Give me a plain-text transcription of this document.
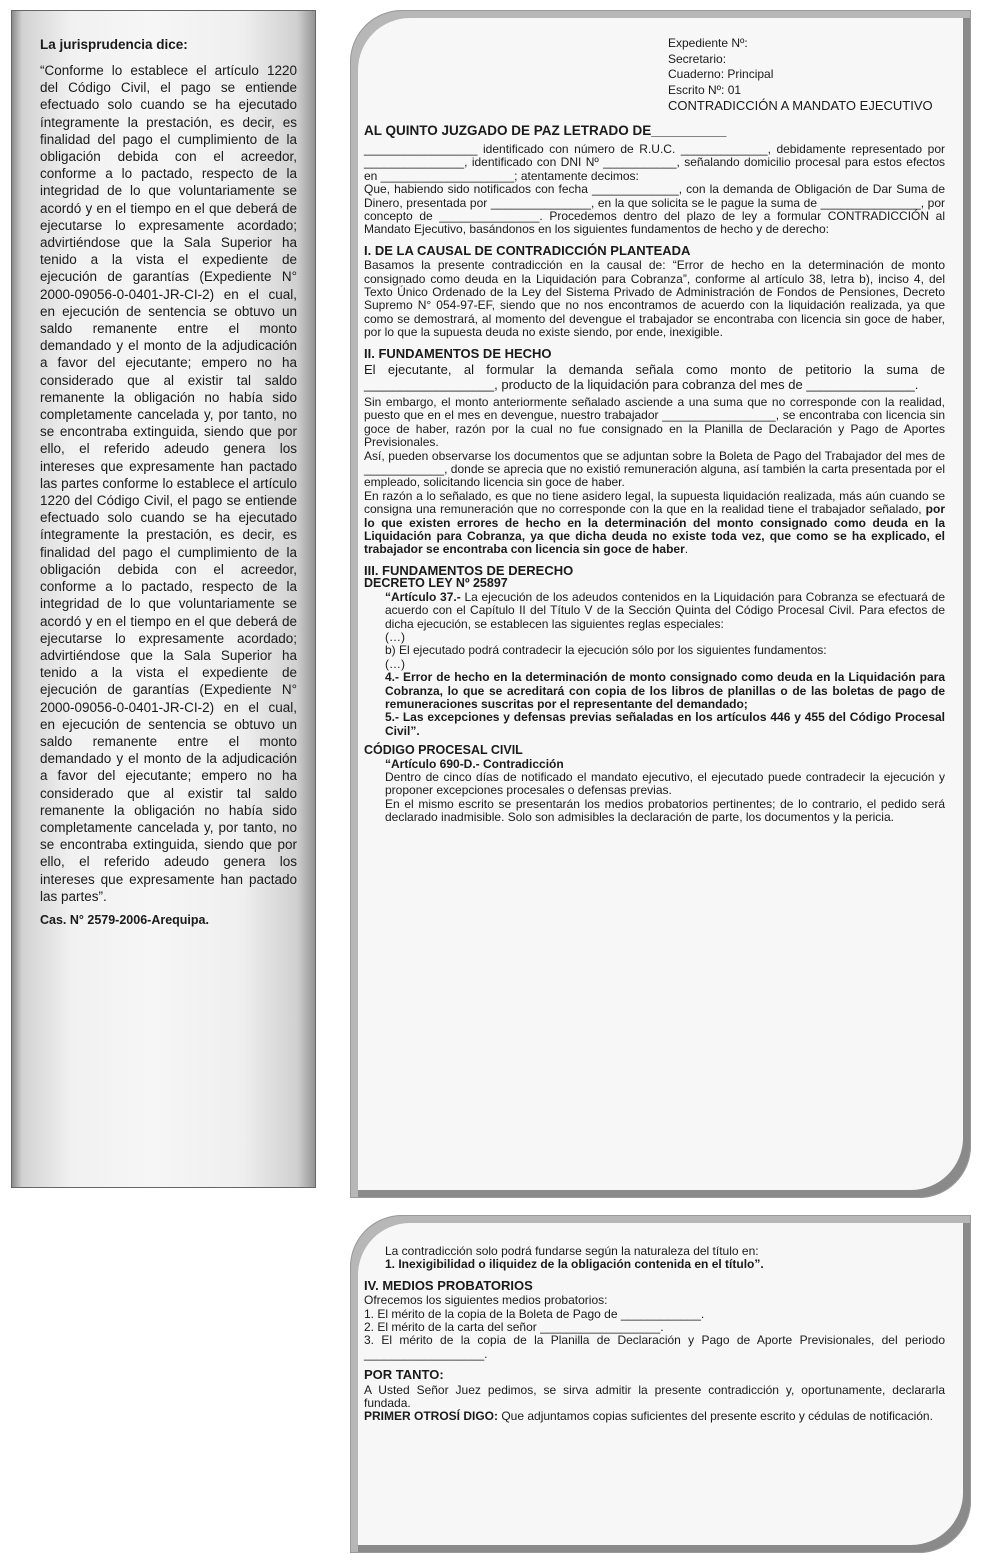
La jurisprudencia dice:

“Conforme lo establece el artículo 1220 del Código Civil, el pago se entiende efectuado solo cuando se ha ejecutado íntegramente la prestación, es decir, es finalidad del pago el cumplimiento de la obligación debida con el acreedor, conforme a lo pactado, respecto de la integridad de lo que voluntariamente se acordó y en el tiempo en el que deberá de ejecutarse lo expresamente acordado; advirtiéndose que la Sala Superior ha tenido a la vista el expediente de ejecución de garantías (Expediente N° 2000-09056-0-0401-JR-CI-2) en el cual, en ejecución de sentencia se obtuvo un saldo remanente entre el monto demandado y el monto de la adjudicación a favor del ejecutante; empero no ha considerado que al existir tal saldo remanente la obligación no había sido completamente cancelada y, por tanto, no se encontraba extinguida, siendo que por ello, el referido adeudo genera los intereses que expresamente han pactado las partes conforme lo establece el artículo 1220 del Código Civil, el pago se entiende efectuado solo cuando se ha ejecutado íntegramente la prestación, es decir, es finalidad del pago el cumplimiento de la obligación debida con el acreedor, conforme a lo pactado, respecto de la integridad de lo que voluntariamente se acordó y en el tiempo en el que deberá de ejecutarse lo expresamente acordado; advirtiéndose que la Sala Superior ha tenido a la vista el expediente de ejecución de garantías (Expediente N° 2000-09056-0-0401-JR-CI-2) en el cual, en ejecución de sentencia se obtuvo un saldo remanente entre el monto demandado y el monto de la adjudicación a favor del ejecutante; empero no ha considerado que al existir tal saldo remanente la obligación no había sido completamente cancelada y, por tanto, no se encontraba extinguida, siendo que por ello, el referido adeudo genera los intereses que expresamente han pactado las partes”.

Cas. N° 2579-2006-Arequipa.

Expediente Nº:
Secretario:
Cuaderno: Principal
Escrito Nº: 01
CONTRADICCIÓN A MANDATO EJECUTIVO
AL QUINTO JUZGADO DE PAZ LETRADO DE__________

_________________ identificado con número de R.U.C. _____________, debidamente representado por _______________, identificado con DNI Nº ___________, señalando domicilio procesal para estos efectos en ____________________; atentamente decimos:

Que, habiendo sido notificados con fecha _____________, con la demanda de Obligación de Dar Suma de Dinero, presentada por _______________, en la que solicita se le pague la suma de _______________, por concepto de _______________. Procedemos dentro del plazo de ley a formular CONTRADICCIÓN al Mandato Ejecutivo, basándonos en los siguientes fundamentos de hecho y de derecho:

I. DE LA CAUSAL DE CONTRADICCIÓN PLANTEADA

Basamos la presente contradicción en la causal de: “Error de hecho en la determinación de monto consignado como deuda en la Liquidación para Cobranza”, conforme al artículo 38, letra b), inciso 4, del Texto Único Ordenado de la Ley del Sistema Privado de Administración de Fondos de Pensiones, Decreto Supremo N° 054-97-EF, siendo que no nos encontramos de acuerdo con la liquidación realizada, ya que como se demostrará, al momento del devengue el trabajador se encontraba con licencia sin goce de haber, por lo que la supuesta deuda no existe siendo, por ende, inexigible.

II. FUNDAMENTOS DE HECHO

El ejecutante, al formular la demanda señala como monto de petitorio la suma de __________________, producto de la liquidación para cobranza del mes de _______________.

Sin embargo, el monto anteriormente señalado asciende a una suma que no corresponde con la realidad, puesto que en el mes en devengue, nuestro trabajador _________________, se encontraba con licencia sin goce de haber, razón por la cual no fue consignado en la Planilla de Declaración y Pago de Aportes Previsionales.

Así, pueden observarse los documentos que se adjuntan sobre la Boleta de Pago del Trabajador del mes de ____________, donde se aprecia que no existió remuneración alguna, así también la carta presentada por el empleado, solicitando licencia sin goce de haber.

En razón a lo señalado, es que no tiene asidero legal, la supuesta liquidación realizada, más aún cuando se consigna una remuneración que no corresponde con la que en la realidad tiene el trabajador señalado, por lo que existen errores de hecho en la determinación del monto consignado como deuda en la Liquidación para Cobranza, ya que dicha deuda no existe toda vez, que como se ha explicado, el trabajador se encontraba con licencia sin goce de haber.

III. FUNDAMENTOS DE DERECHO
DECRETO LEY Nº 25897

“Artículo 37.- La ejecución de los adeudos contenidos en la Liquidación para Cobranza se efectuará de acuerdo con el Capítulo II del Título V de la Sección Quinta del Código Procesal Civil. Para efectos de dicha ejecución, se establecen las siguientes reglas especiales:

(…)

b) El ejecutado podrá contradecir la ejecución sólo por los siguientes fundamentos:

(…)

4.- Error de hecho en la determinación de monto consignado como deuda en la Liquidación para Cobranza, lo que se acreditará con copia de los libros de planillas o de las boletas de pago de remuneraciones suscritas por el representante del demandado;

5.- Las excepciones y defensas previas señaladas en los artículos 446 y 455 del Código Procesal Civil”.

CÓDIGO PROCESAL CIVIL

“Artículo 690-D.- Contradicción

Dentro de cinco días de notificado el mandato ejecutivo, el ejecutado puede contradecir la ejecución y proponer excepciones procesales o defensas previas.

En el mismo escrito se presentarán los medios probatorios pertinentes; de lo contrario, el pedido será declarado inadmisible. Solo son admisibles la declaración de parte, los documentos y la pericia.

La contradicción solo podrá fundarse según la naturaleza del título en:

1. Inexigibilidad o iliquidez de la obligación contenida en el título”.

IV. MEDIOS PROBATORIOS

Ofrecemos los siguientes medios probatorios:

1. El mérito de la copia de la Boleta de Pago de ____________.

2. El mérito de la carta del señor __________________.

3. El mérito de la copia de la Planilla de Declaración y Pago de Aporte Previsionales, del periodo __________________.

POR TANTO:

A Usted Señor Juez pedimos, se sirva admitir la presente contradicción y, oportunamente, declararla fundada.

PRIMER OTROSÍ DIGO: Que adjuntamos copias suficientes del presente escrito y cédulas de notificación.
